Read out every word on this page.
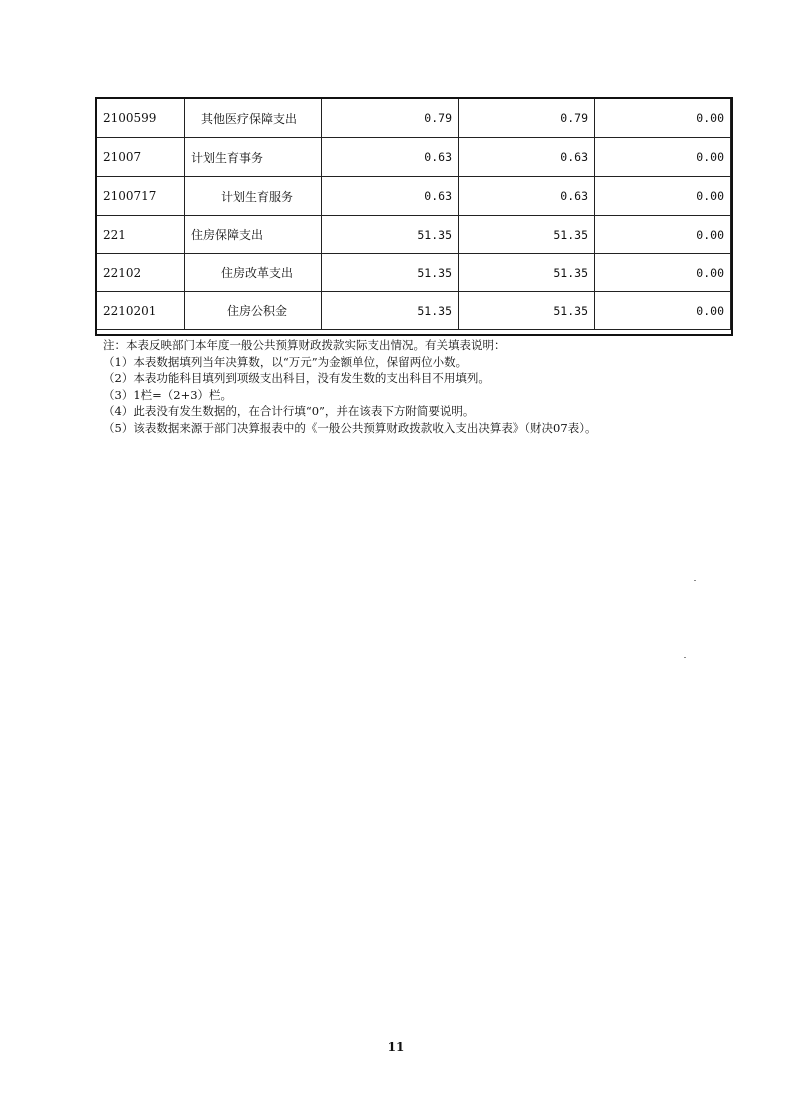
2100599	其他医疗保障支出	0.79	0.79	0.00
21007	计划生育事务	0.63	0.63	0.00
2100717	计划生育服务	0.63	0.63	0.00
221	住房保障支出	51.35	51.35	0.00
22102	住房改革支出	51.35	51.35	0.00
2210201	住房公积金	51.35	51.35	0.00
注：本表反映部门本年度一般公共预算财政拨款实际支出情况。有关填表说明：
（1）本表数据填列当年决算数，以“万元”为金额单位，保留两位小数。
（2）本表功能科目填列到项级支出科目，没有发生数的支出科目不用填列。
（3）1栏=（2+3）栏。
（4）此表没有发生数据的，在合计行填“0”，并在该表下方附简要说明。
（5）该表数据来源于部门决算报表中的《一般公共预算财政拨款收入支出决算表》（财决07表）。
11
